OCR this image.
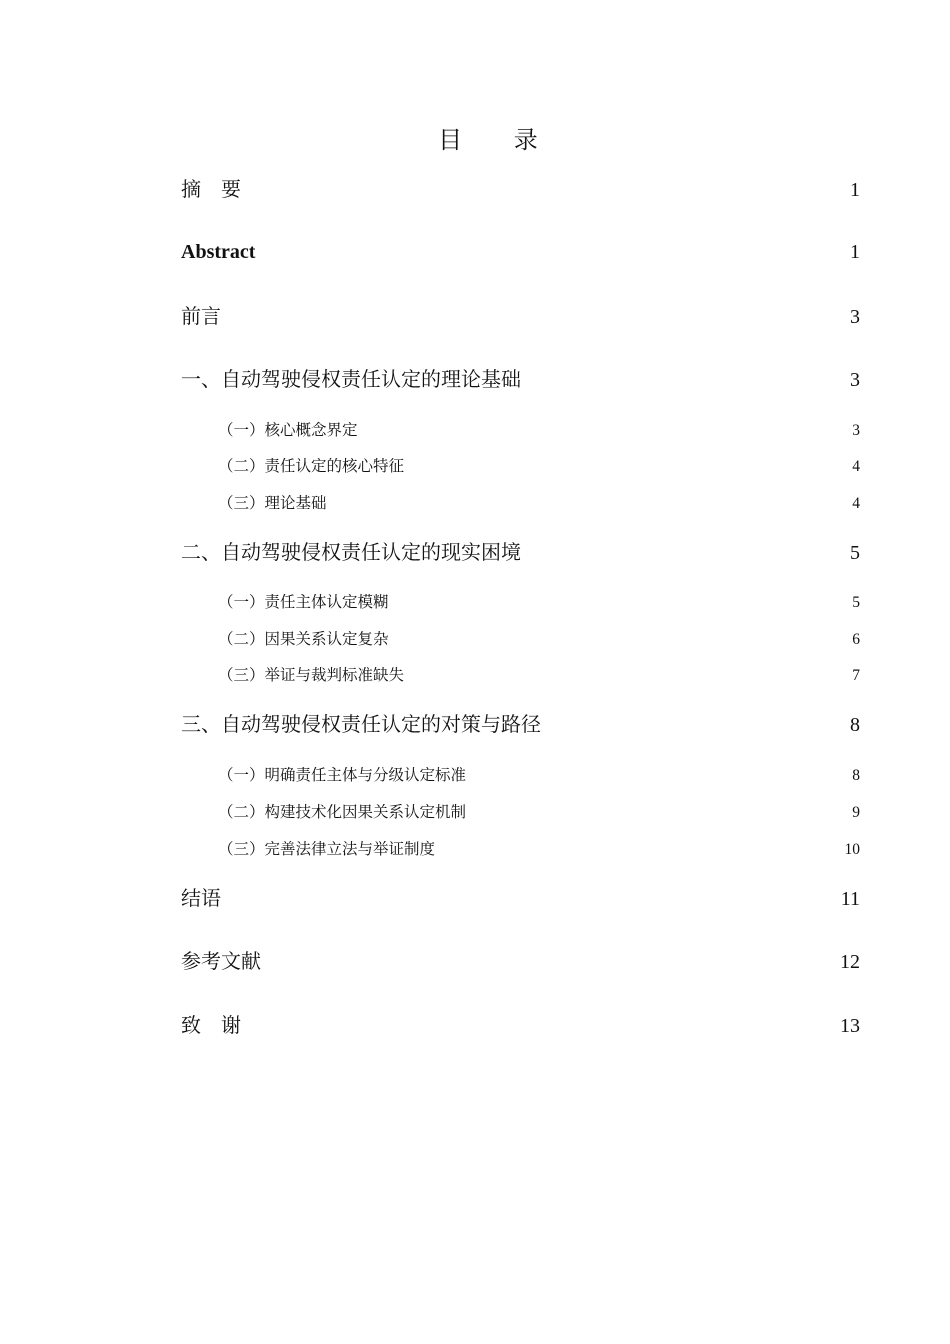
目 录
摘　要	1
Abstract	1
前言	3
一、自动驾驶侵权责任认定的理论基础	3
（一）核心概念界定	3
（二）责任认定的核心特征	4
（三）理论基础	4
二、自动驾驶侵权责任认定的现实困境	5
（一）责任主体认定模糊	5
（二）因果关系认定复杂	6
（三）举证与裁判标准缺失	7
三、自动驾驶侵权责任认定的对策与路径	8
（一）明确责任主体与分级认定标准	8
（二）构建技术化因果关系认定机制	9
（三）完善法律立法与举证制度	10
结语	11
参考文献	12
致　谢	13
